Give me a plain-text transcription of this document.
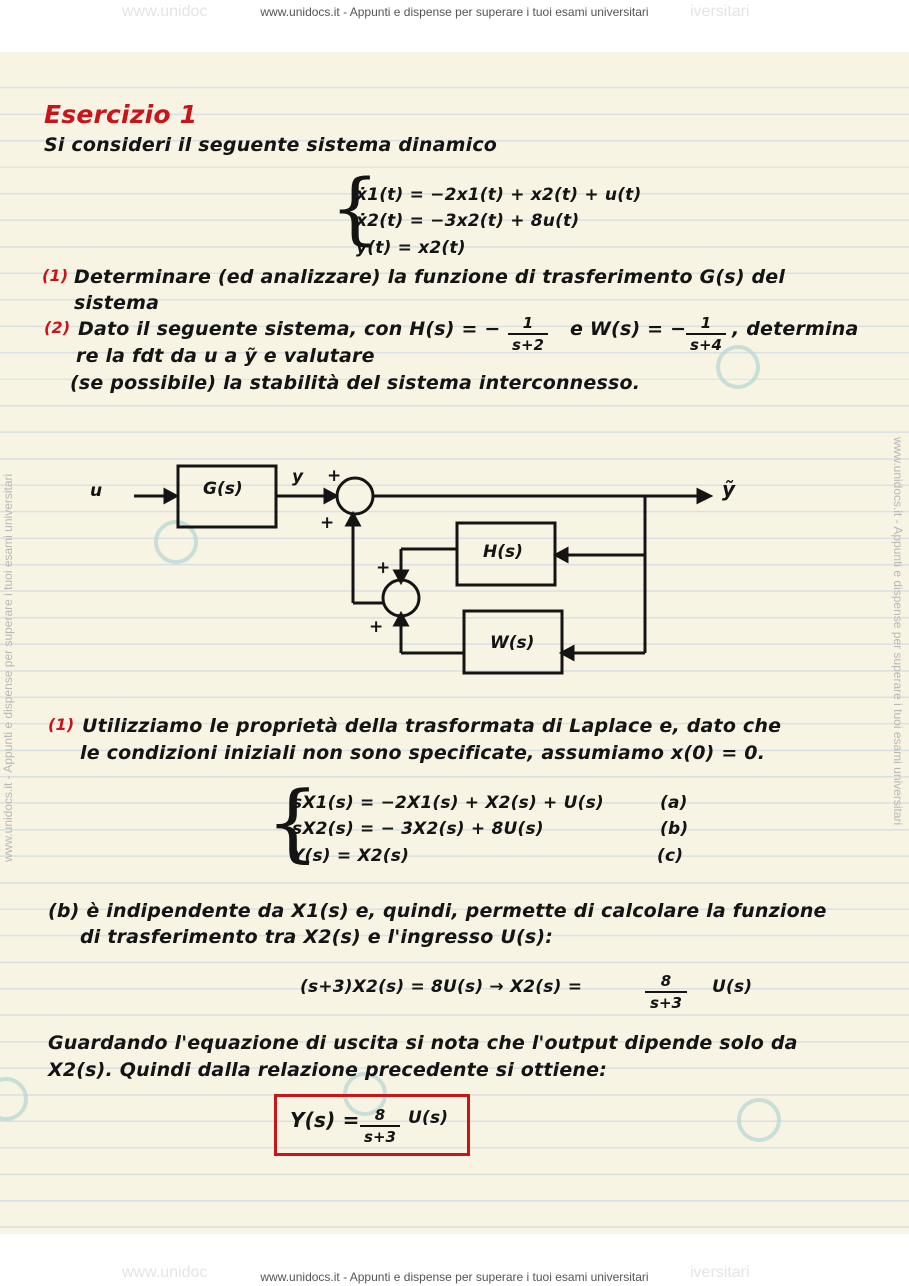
www.unidoc	www.unidocs.it - Appunti e dispense per superare i tuoi esami universitari	iversitari
www.unidocs.it - Appunti e dispense per superare i tuoi esami universitari	www.unidocs.it - Appunti e dispense per superare i tuoi esami universitari
Esercizio 1
Si consideri il seguente sistema dinamico
{
ẋ1(t) = −2x1(t) + x2(t) + u(t)
ẋ2(t) = −3x2(t) + 8u(t)
y(t) = x2(t)
(1) Determinare (ed analizzare) la funzione di trasferimento G(s) del
sistema
(2) Dato il seguente sistema, con H(s) = − $\frac{1}{s+2}$ e W(s) = − $\frac{1}{s+4}$ , determina
re la fdt da u a ỹ e valutare
(se possibile) la stabilità del sistema interconnesso.
u	G(s)
y +
+
ỹ
H(s)
+
+
W(s)
(1) Utilizziamo le proprietà della trasformata di Laplace e, dato che
le condizioni iniziali non sono specificate, assumiamo x(0) = 0.
{
sX1(s) = −2X1(s) + X2(s) + U(s)	(a)
sX2(s) = − 3X2(s) + 8U(s)	(b)
Y(s) = X2(s)	(c)
(b) è indipendente da X1(s) e, quindi, permette di calcolare la funzione
di trasferimento tra X2(s) e l'ingresso U(s):
(s+3)X2(s) = 8U(s) → X2(s) =	$\frac{8}{s+3} U(s)$
Guardando l'equazione di uscita si nota che l'output dipende solo da
X2(s). Quindi dalla relazione precedente si ottiene:
$Y(s) = \frac{8}{s+3} U(s)$
www.unidoc	iversitari
www.unidocs.it - Appunti e dispense per superare i tuoi esami universitari
